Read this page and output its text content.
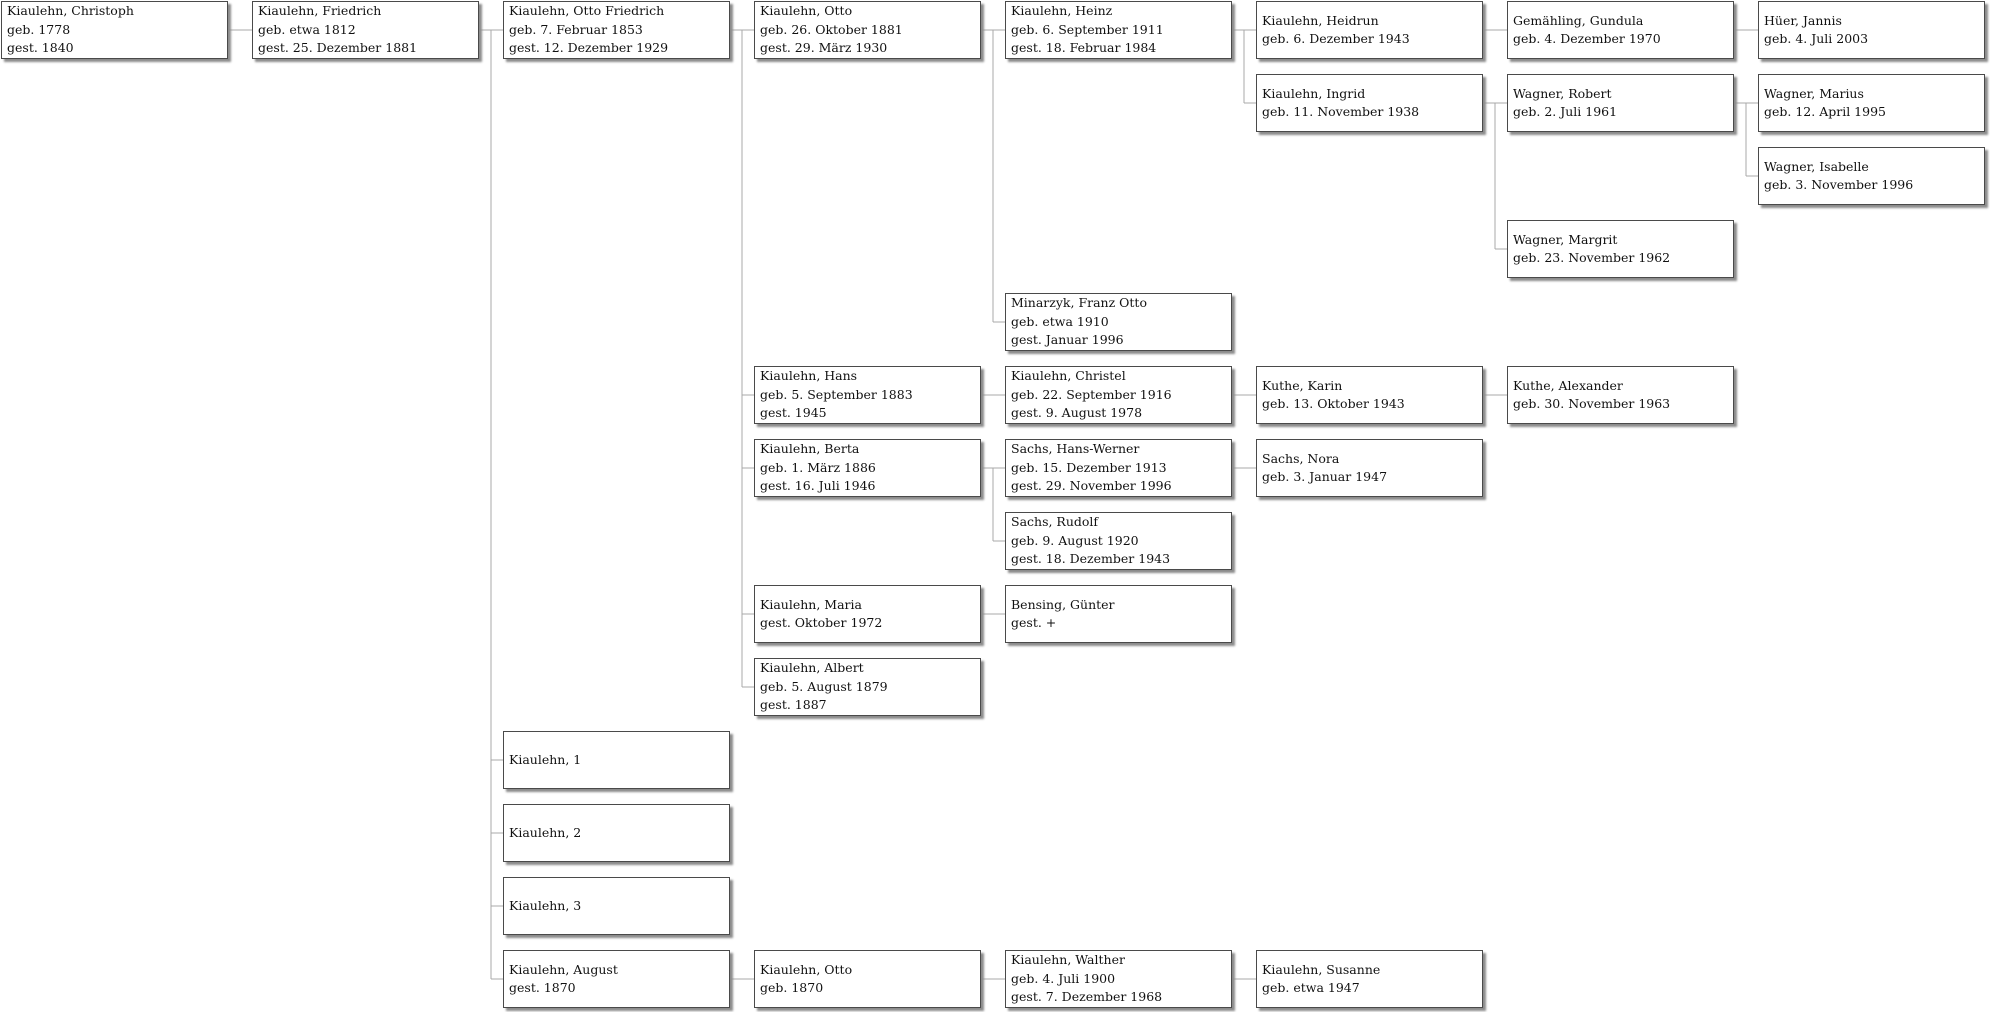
Kiaulehn, Christoph
geb. 1778
gest. 1840
Kiaulehn, Friedrich
geb. etwa 1812
gest. 25. Dezember 1881
Kiaulehn, Otto Friedrich
geb. 7. Februar 1853
gest. 12. Dezember 1929
Kiaulehn, Otto
geb. 26. Oktober 1881
gest. 29. März 1930
Kiaulehn, Heinz
geb. 6. September 1911
gest. 18. Februar 1984
Kiaulehn, Heidrun
geb. 6. Dezember 1943
Gemähling, Gundula
geb. 4. Dezember 1970
Hüer, Jannis
geb. 4. Juli 2003
Kiaulehn, Ingrid
geb. 11. November 1938
Wagner, Robert
geb. 2. Juli 1961
Wagner, Marius
geb. 12. April 1995
Wagner, Isabelle
geb. 3. November 1996
Wagner, Margrit
geb. 23. November 1962
Minarzyk, Franz Otto
geb. etwa 1910
gest. Januar 1996
Kiaulehn, Hans
geb. 5. September 1883
gest. 1945
Kiaulehn, Christel
geb. 22. September 1916
gest. 9. August 1978
Kuthe, Karin
geb. 13. Oktober 1943
Kuthe, Alexander
geb. 30. November 1963
Kiaulehn, Berta
geb. 1. März 1886
gest. 16. Juli 1946
Sachs, Hans-Werner
geb. 15. Dezember 1913
gest. 29. November 1996
Sachs, Nora
geb. 3. Januar 1947
Sachs, Rudolf
geb. 9. August 1920
gest. 18. Dezember 1943
Kiaulehn, Maria
gest. Oktober 1972
Bensing, Günter
gest. +
Kiaulehn, Albert
geb. 5. August 1879
gest. 1887
Kiaulehn, 1
Kiaulehn, 2
Kiaulehn, 3
Kiaulehn, August
gest. 1870
Kiaulehn, Otto
geb. 1870
Kiaulehn, Walther
geb. 4. Juli 1900
gest. 7. Dezember 1968
Kiaulehn, Susanne
geb. etwa 1947
